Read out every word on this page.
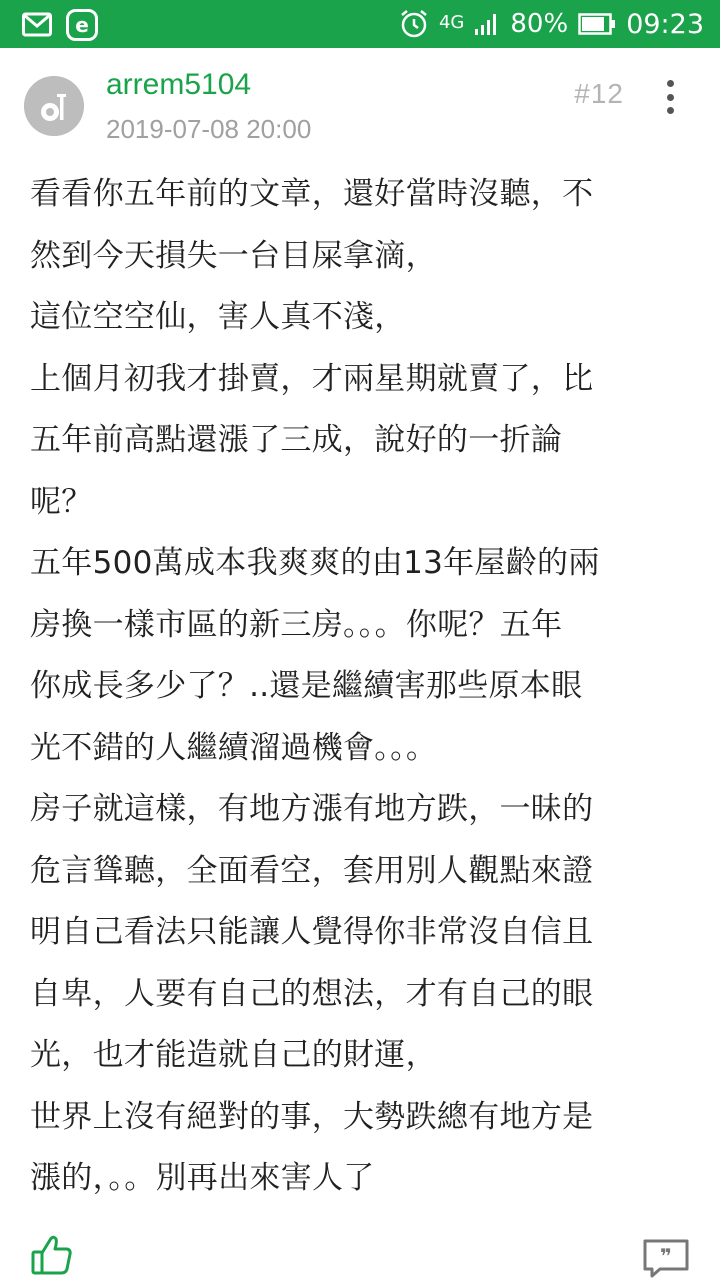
e	4G 80% 09:23
arrem5104
2019-07-08 20:00
#12

看看你五年前的文章，還好當時沒聽，不

然到今天損失一台目屎拿滴，

這位空空仙，害人真不淺，

上個月初我才掛賣，才兩星期就賣了，比

五年前高點還漲了三成，說好的一折論

呢？

五年500萬成本我爽爽的由13年屋齡的兩

房換一樣市區的新三房。。。你呢？五年

你成長多少了？..還是繼續害那些原本眼

光不錯的人繼續溜過機會。。。

房子就這樣，有地方漲有地方跌，一昧的

危言聳聽，全面看空，套用別人觀點來證

明自己看法只能讓人覺得你非常沒自信且

自卑，人要有自己的想法，才有自己的眼

光，也才能造就自己的財運，

世界上沒有絕對的事，大勢跌總有地方是

漲的，。。別再出來害人了

❞
